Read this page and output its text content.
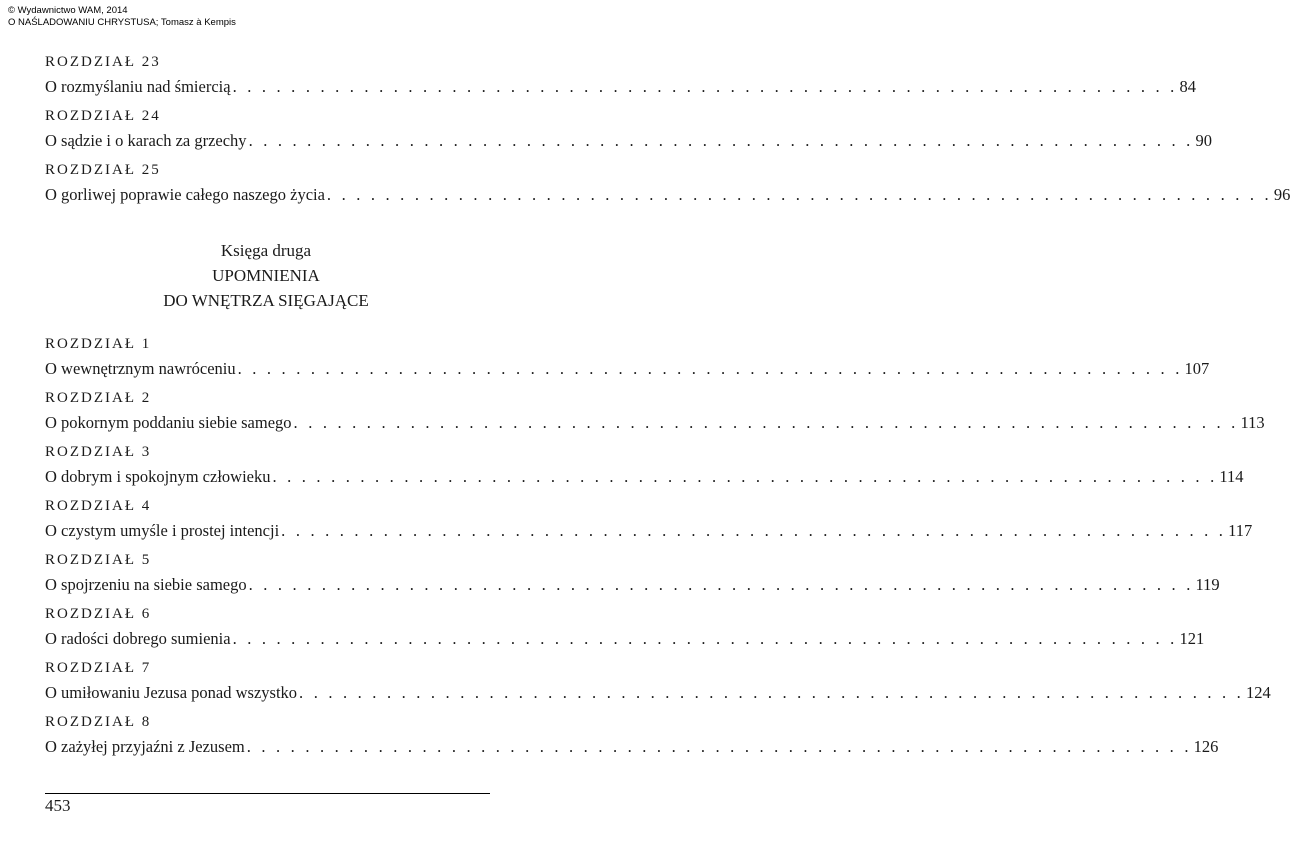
© Wydawnictwo WAM, 2014
O NAŚLADOWANIU CHRYSTUSA; Tomasz à Kempis
ROZDZIAŁ 23
O rozmyślaniu nad śmiercią . . . . . . . . . . . . . . . . . . . . . . . . . . . . . . . . . . . . . . . . . . . . . . . . . . . . . . . . . . . . . . . . . 84
ROZDZIAŁ 24
O sądzie i o karach za grzechy . . . . . . . . . . . . . . . . . . . . . . . . . . . . . . . . . . . . . . . . . . . . . . . . . . . . . . . . . . . . . . . . . 90
ROZDZIAŁ 25
O gorliwej poprawie całego naszego życia . . . . . . . . . . . . . . . . . . . . . . . . . . . . . . . . . . . . . . . . . . . . . . . . . . . . . . . . . . . . . . . . . 96
Księga druga
UPOMNIENIA
DO WNĘTRZA SIĘGAJĄCE
ROZDZIAŁ 1
O wewnętrznym nawróceniu . . . . . . . . . . . . . . . . . . . . . . . . . . . . . . . . . . . . . . . . . . . . . . . . . . . . . . . . . . . . . . . . . 107
ROZDZIAŁ 2
O pokornym poddaniu siebie samego . . . . . . . . . . . . . . . . . . . . . . . . . . . . . . . . . . . . . . . . . . . . . . . . . . . . . . . . . . . . . . . . . 113
ROZDZIAŁ 3
O dobrym i spokojnym człowieku . . . . . . . . . . . . . . . . . . . . . . . . . . . . . . . . . . . . . . . . . . . . . . . . . . . . . . . . . . . . . . . . . 114
ROZDZIAŁ 4
O czystym umyśle i prostej intencji . . . . . . . . . . . . . . . . . . . . . . . . . . . . . . . . . . . . . . . . . . . . . . . . . . . . . . . . . . . . . . . . . 117
ROZDZIAŁ 5
O spojrzeniu na siebie samego . . . . . . . . . . . . . . . . . . . . . . . . . . . . . . . . . . . . . . . . . . . . . . . . . . . . . . . . . . . . . . . . . 119
ROZDZIAŁ 6
O radości dobrego sumienia . . . . . . . . . . . . . . . . . . . . . . . . . . . . . . . . . . . . . . . . . . . . . . . . . . . . . . . . . . . . . . . . . 121
ROZDZIAŁ 7
O umiłowaniu Jezusa ponad wszystko . . . . . . . . . . . . . . . . . . . . . . . . . . . . . . . . . . . . . . . . . . . . . . . . . . . . . . . . . . . . . . . . . 124
ROZDZIAŁ 8
O zażyłej przyjaźni z Jezusem . . . . . . . . . . . . . . . . . . . . . . . . . . . . . . . . . . . . . . . . . . . . . . . . . . . . . . . . . . . . . . . . . 126
453
